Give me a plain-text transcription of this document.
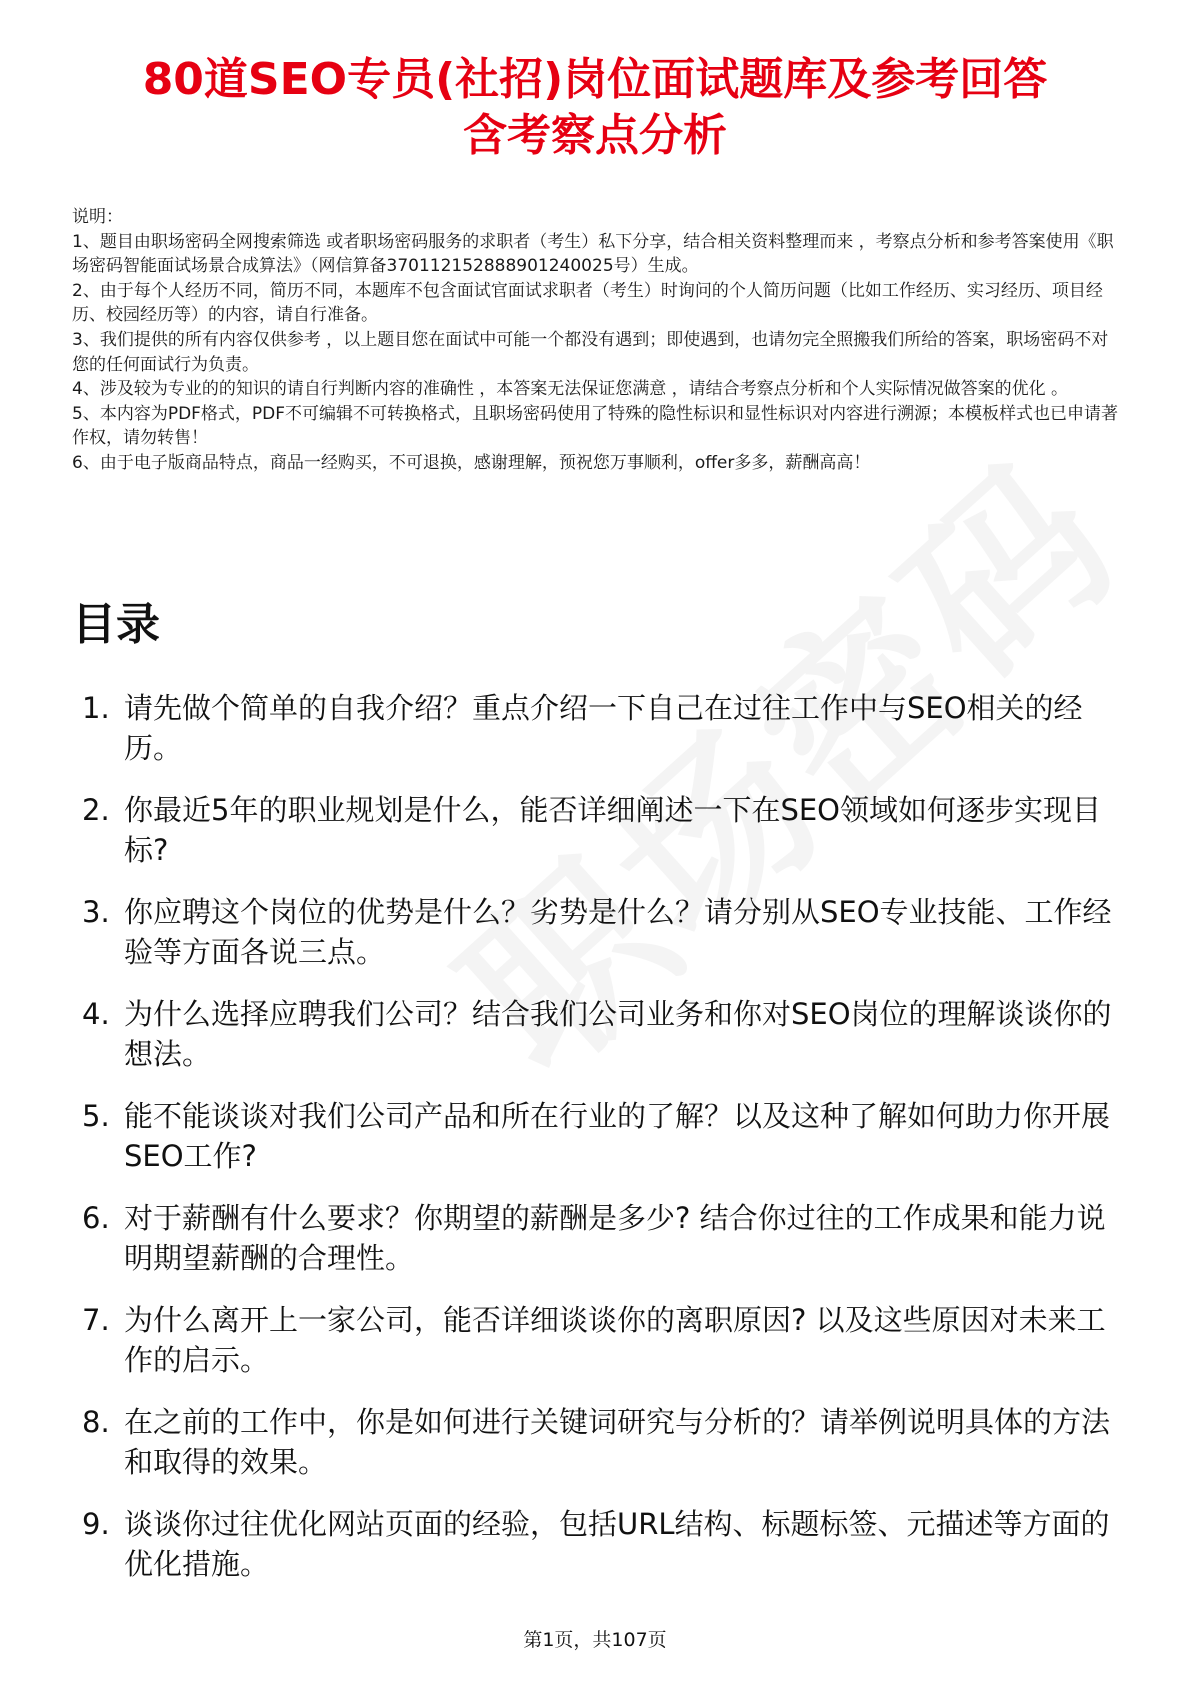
80道SEO专员(社招)岗位面试题库及参考回答
含考察点分析

说明：

1、题目由职场密码全网搜索筛选 或者职场密码服务的求职者（考生）私下分享，结合相关资料整理而来 ，考察点分析和参考答案使用《职场密码智能面试场景合成算法》（网信算备370112152888901240025号）生成。

2、由于每个人经历不同，简历不同，本题库不包含面试官面试求职者（考生）时询问的个人简历问题（比如工作经历、实习经历、项目经历、校园经历等）的内容，请自行准备。

3、我们提供的所有内容仅供参考 ，以上题目您在面试中可能一个都没有遇到；即使遇到，也请勿完全照搬我们所给的答案，职场密码不对您的任何面试行为负责。

4、涉及较为专业的的知识的请自行判断内容的准确性 ，本答案无法保证您满意 ，请结合考察点分析和个人实际情况做答案的优化 。

5、本内容为PDF格式，PDF不可编辑不可转换格式，且职场密码使用了特殊的隐性标识和显性标识对内容进行溯源；本模板样式也已申请著作权，请勿转售！

6、由于电子版商品特点，商品一经购买，不可退换，感谢理解，预祝您万事顺利，offer多多，薪酬高高！

目录
1. 请先做个简单的自我介绍？重点介绍一下自己在过往工作中与SEO相关的经历。
2. 你最近5年的职业规划是什么，能否详细阐述一下在SEO领域如何逐步实现目标?
3. 你应聘这个岗位的优势是什么？劣势是什么？请分别从SEO专业技能、工作经验等方面各说三点。
4. 为什么选择应聘我们公司？结合我们公司业务和你对SEO岗位的理解谈谈你的想法。
5. 能不能谈谈对我们公司产品和所在行业的了解？以及这种了解如何助力你开展SEO工作?
6. 对于薪酬有什么要求？你期望的薪酬是多少? 结合你过往的工作成果和能力说明期望薪酬的合理性。
7. 为什么离开上一家公司，能否详细谈谈你的离职原因? 以及这些原因对未来工作的启示。
8. 在之前的工作中，你是如何进行关键词研究与分析的？请举例说明具体的方法和取得的效果。
9. 谈谈你过往优化网站页面的经验，包括URL结构、标题标签、元描述等方面的优化措施。
第1页，共107页
